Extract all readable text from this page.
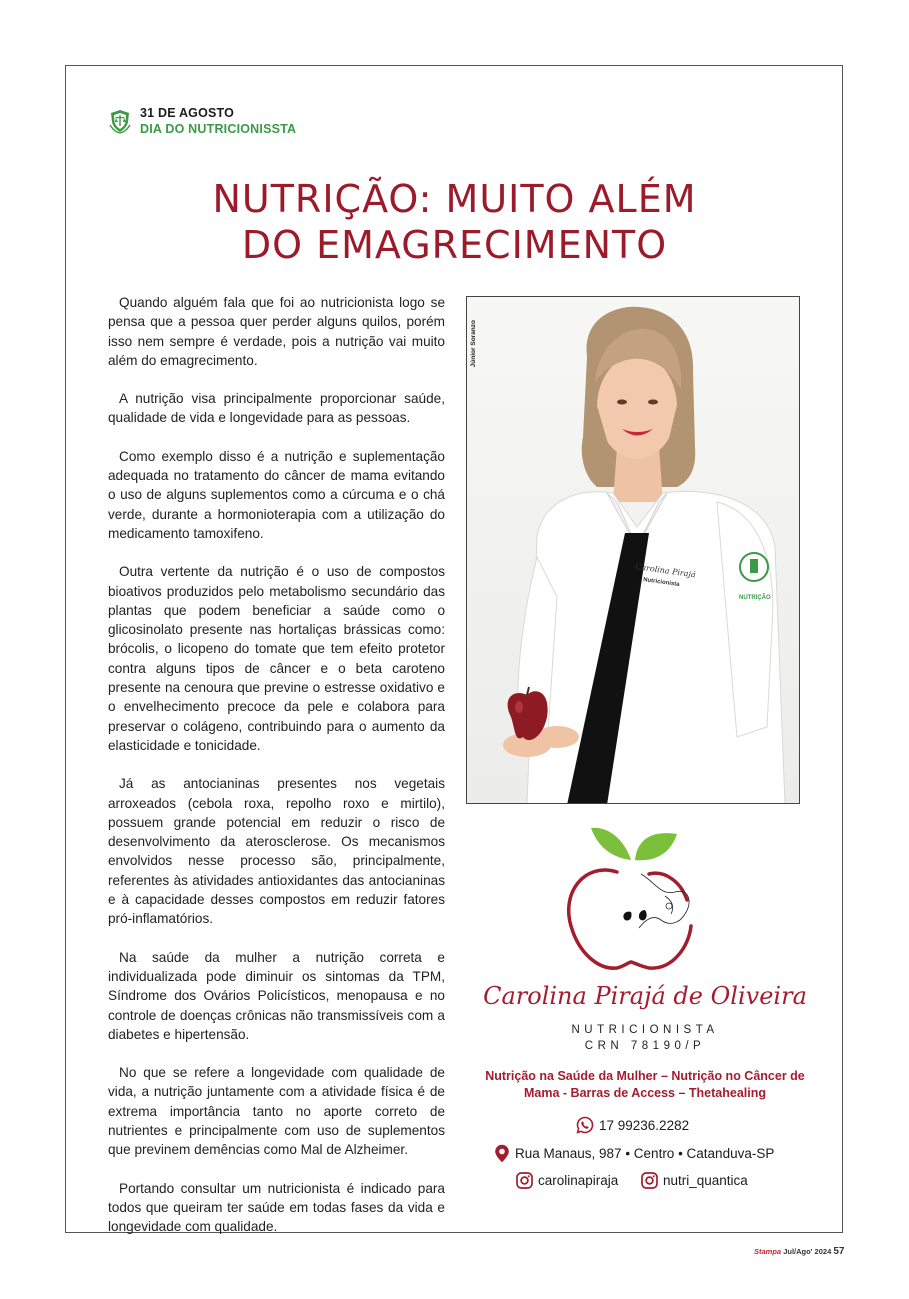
31 DE AGOSTO
DIA DO NUTRICIONISSTA
NUTRIÇÃO: MUITO ALÉM
DO EMAGRECIMENTO

Quando alguém fala que foi ao nutricionista logo se pensa que a pessoa quer perder alguns quilos, porém isso nem sempre é verdade, pois a nutrição vai muito além do emagrecimento.

A nutrição visa principalmente proporcionar saúde, qualidade de vida e longevidade para as pessoas.

Como exemplo disso é a nutrição e suplementação adequada no tratamento do câncer de mama evitando o uso de alguns suplementos como a cúrcuma e o chá verde, durante a hormonioterapia com a utilização do medicamento tamoxifeno.

Outra vertente da nutrição é o uso de compostos bioativos produzidos pelo metabolismo secundário das plantas que podem beneficiar a saúde como o glicosinolato presente nas hortaliças brássicas como: brócolis, o licopeno do tomate que tem efeito protetor contra alguns tipos de câncer e o beta caroteno presente na cenoura que previne o estresse oxidativo e o envelhecimento precoce da pele e colabora para preservar o colágeno, contribuindo para o aumento da elasticidade e tonicidade.

Já as antocianinas presentes nos vegetais arroxeados (cebola roxa, repolho roxo e mirtilo), possuem grande potencial em reduzir o risco de desenvolvimento da aterosclerose. Os mecanismos envolvidos nesse processo são, principalmente, referentes às atividades antioxidantes das antocianinas e à capacidade desses compostos em reduzir fatores pró-inflamatórios.

Na saúde da mulher a nutrição correta e individualizada pode diminuir os sintomas da TPM, Síndrome dos Ovários Policísticos, menopausa e no controle de doenças crônicas não transmissíveis com a diabetes e hipertensão.

No que se refere a longevidade com qualidade de vida, a nutrição juntamente com a atividade física é de extrema importância tanto no aporte correto de nutrientes e principalmente com uso de suplementos que previnem demências como Mal de Alzheimer.

Portando consultar um nutricionista é indicado para todos que queiram ter saúde em todas fases da vida e longevidade com qualidade.

NUTRIÇÃO
Carolina Pirajá
Nutricionista
Júnior Soranzo
Carolina Pirajá de Oliveira
NUTRICIONISTA
CRN 78190/P
Nutrição na Saúde da Mulher – Nutrição no Câncer de Mama - Barras de Access – Thetahealing
17 99236.2282
Rua Manaus, 987 • Centro • Catanduva-SP
carolinapiraja	nutri_quantica
Stampa Jul/Ago' 2024 57
